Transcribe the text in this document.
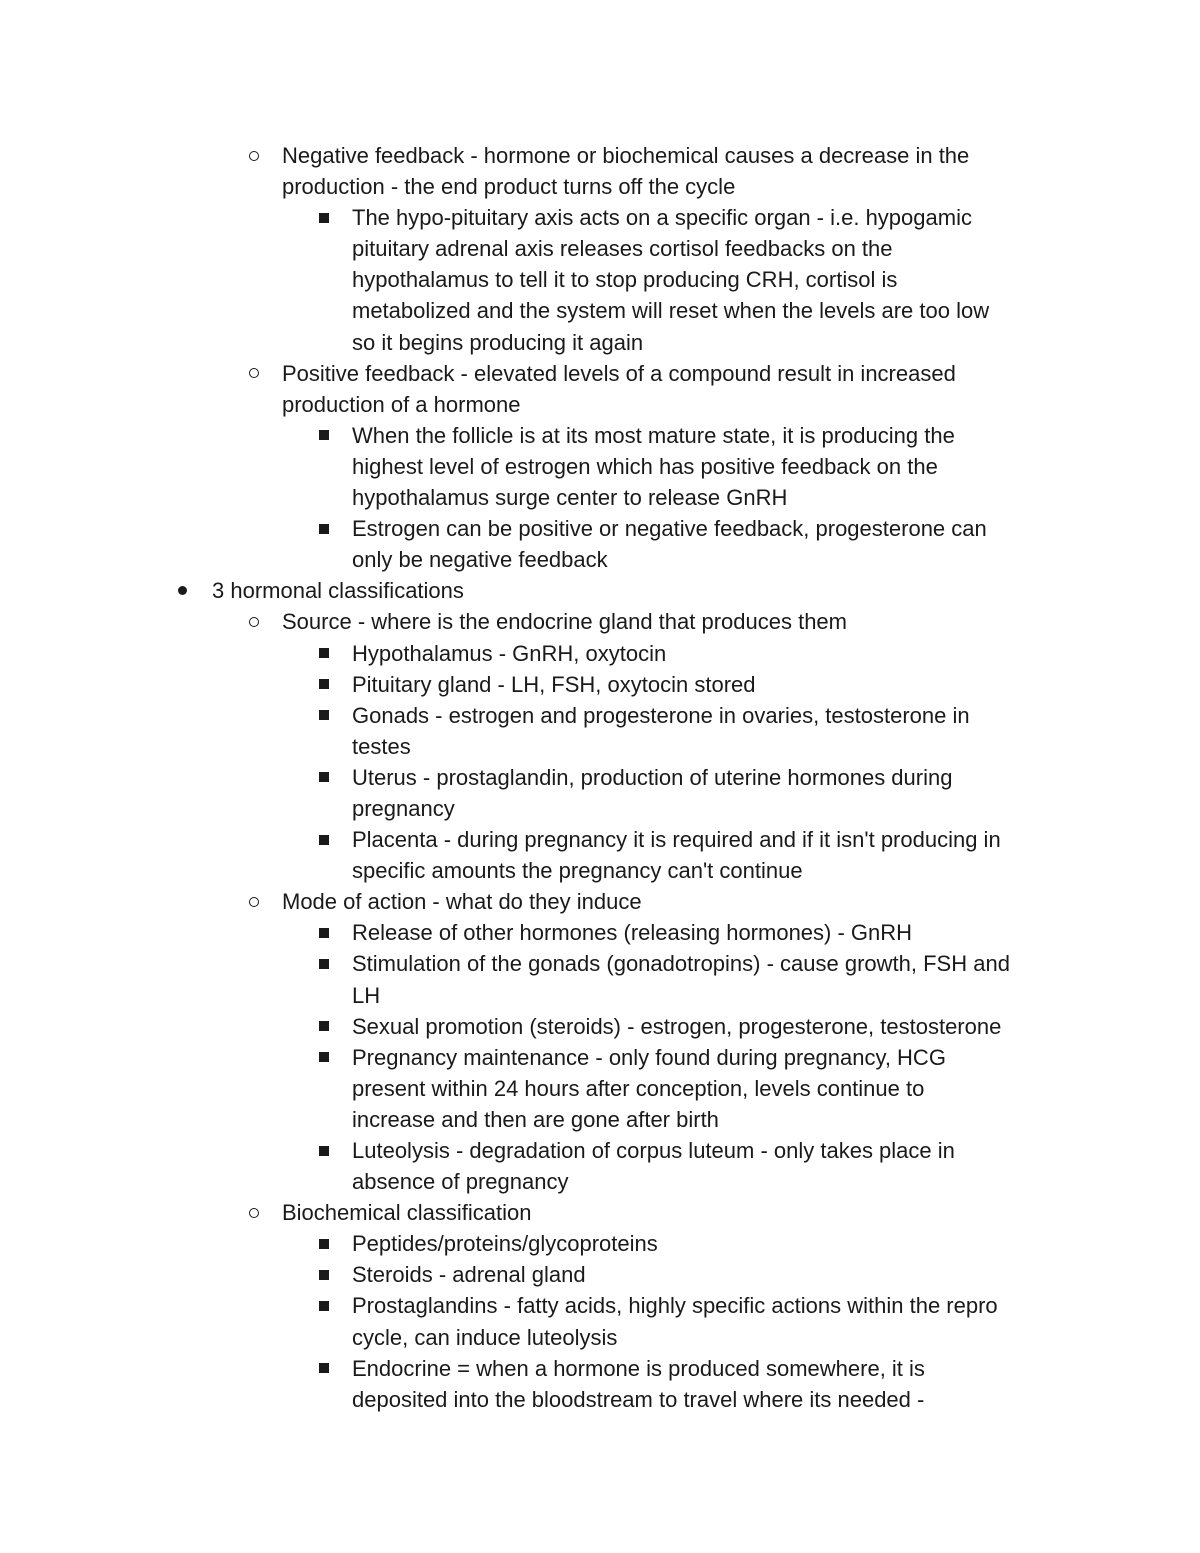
Negative feedback - hormone or biochemical causes a decrease in the
production - the end product turns off the cycle
The hypo-pituitary axis acts on a specific organ - i.e. hypogamic
pituitary adrenal axis releases cortisol feedbacks on the
hypothalamus to tell it to stop producing CRH, cortisol is
metabolized and the system will reset when the levels are too low
so it begins producing it again
Positive feedback - elevated levels of a compound result in increased
production of a hormone
When the follicle is at its most mature state, it is producing the
highest level of estrogen which has positive feedback on the
hypothalamus surge center to release GnRH
Estrogen can be positive or negative feedback, progesterone can
only be negative feedback
3 hormonal classifications
Source - where is the endocrine gland that produces them
Hypothalamus - GnRH, oxytocin
Pituitary gland - LH, FSH, oxytocin stored
Gonads - estrogen and progesterone in ovaries, testosterone in
testes
Uterus - prostaglandin, production of uterine hormones during
pregnancy
Placenta - during pregnancy it is required and if it isn't producing in
specific amounts the pregnancy can't continue
Mode of action - what do they induce
Release of other hormones (releasing hormones) - GnRH
Stimulation of the gonads (gonadotropins) - cause growth, FSH and
LH
Sexual promotion (steroids) - estrogen, progesterone, testosterone
Pregnancy maintenance - only found during pregnancy, HCG
present within 24 hours after conception, levels continue to
increase and then are gone after birth
Luteolysis - degradation of corpus luteum - only takes place in
absence of pregnancy
Biochemical classification
Peptides/proteins/glycoproteins
Steroids - adrenal gland
Prostaglandins - fatty acids, highly specific actions within the repro
cycle, can induce luteolysis
Endocrine = when a hormone is produced somewhere, it is
deposited into the bloodstream to travel where its needed -
